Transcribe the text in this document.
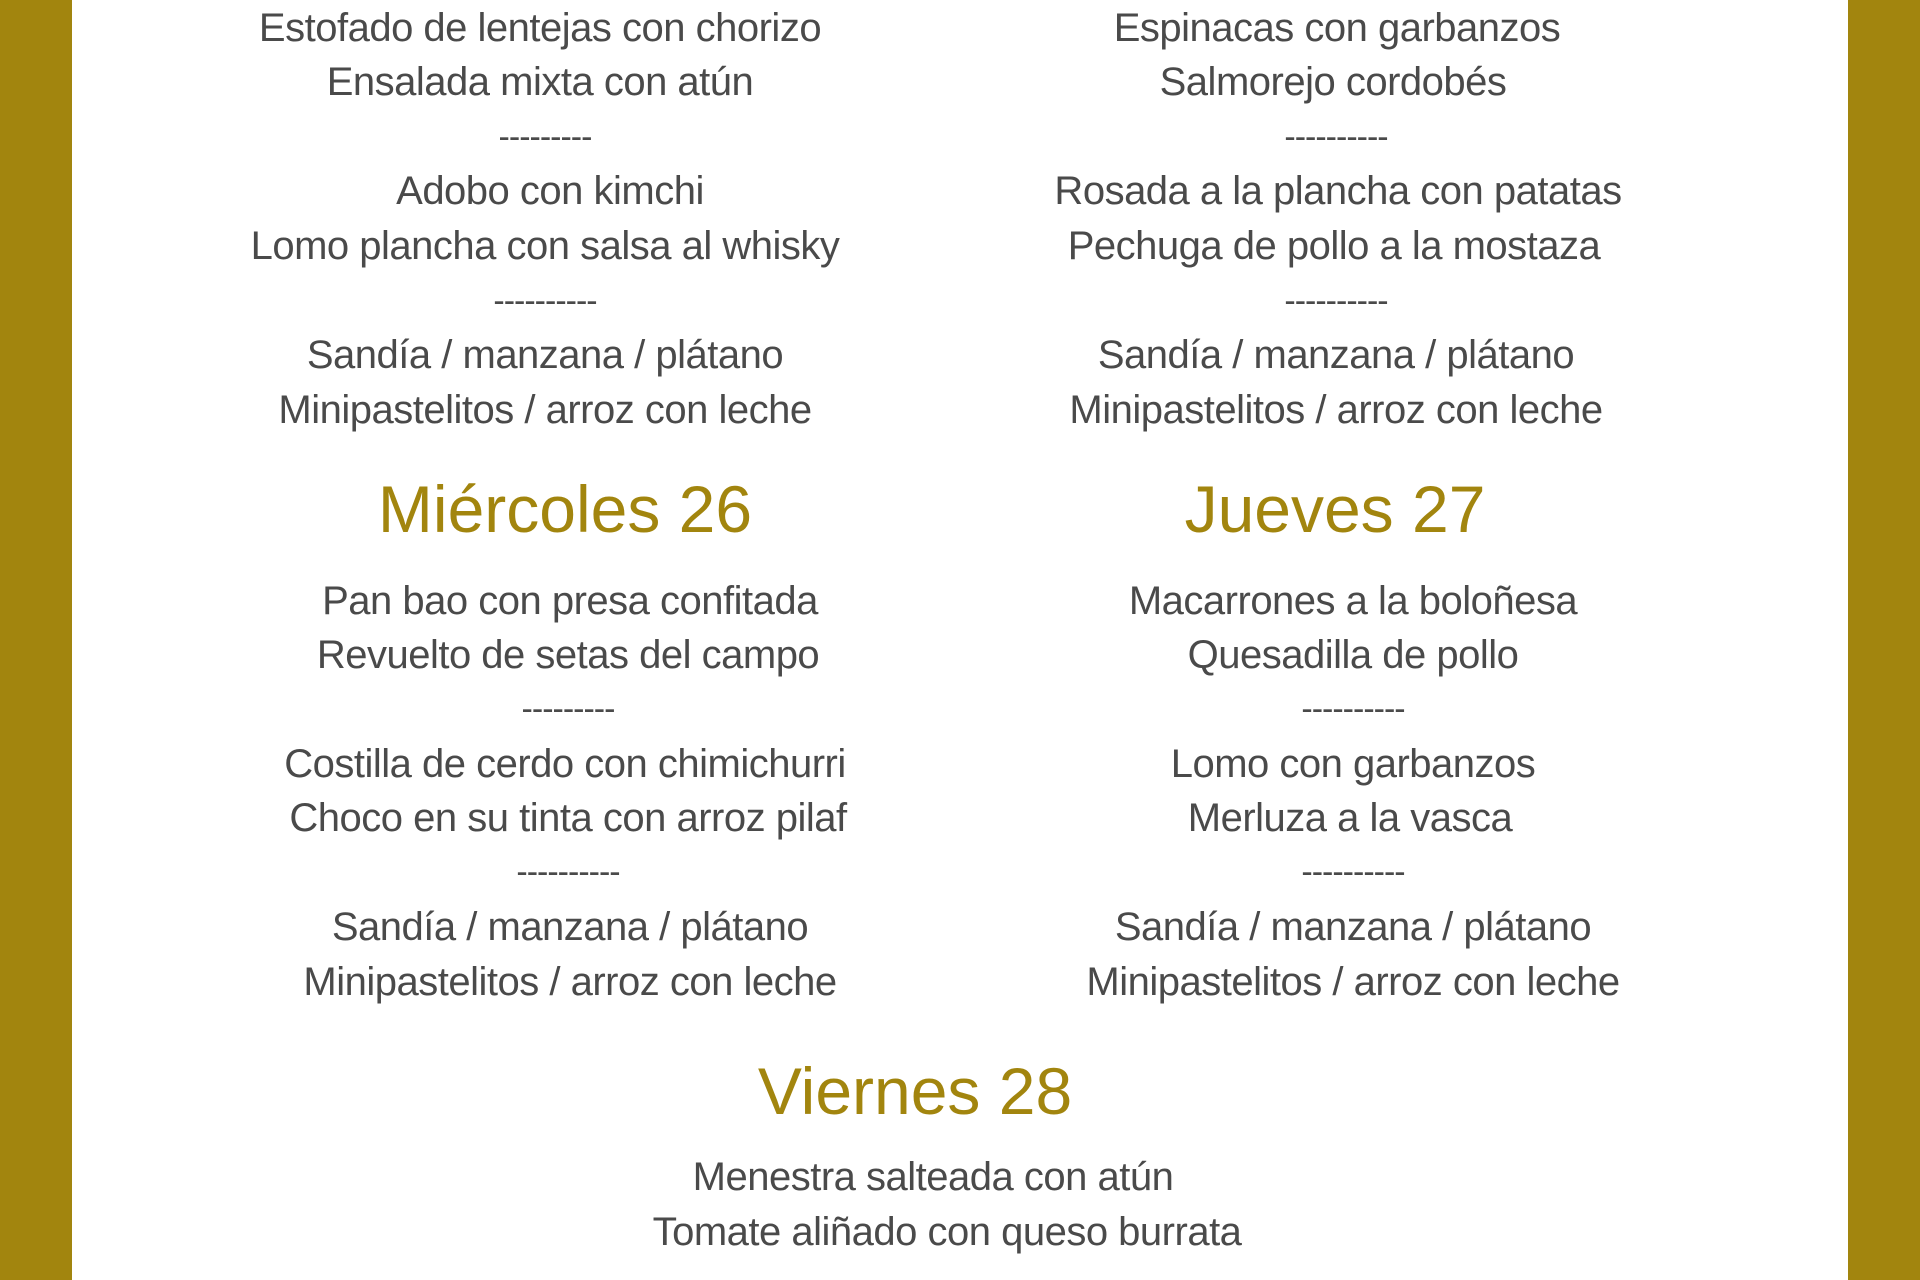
Estofado de lentejas con chorizo
Ensalada mixta con atún
---------
Adobo con kimchi
Lomo plancha con salsa al whisky
----------
Sandía / manzana / plátano
Minipastelitos / arroz con leche
Espinacas con garbanzos
Salmorejo cordobés
----------
Rosada a la plancha con patatas
Pechuga de pollo a la mostaza
----------
Sandía / manzana / plátano
Minipastelitos / arroz con leche
Miércoles 26
Pan bao con presa confitada
Revuelto de setas del campo
---------
Costilla de cerdo con chimichurri
Choco en su tinta con arroz pilaf
----------
Sandía / manzana / plátano
Minipastelitos / arroz con leche
Jueves 27
Macarrones a la boloñesa
Quesadilla de pollo
----------
Lomo con garbanzos
Merluza a la vasca
----------
Sandía / manzana / plátano
Minipastelitos / arroz con leche
Viernes 28
Menestra salteada con atún
Tomate aliñado con queso burrata
